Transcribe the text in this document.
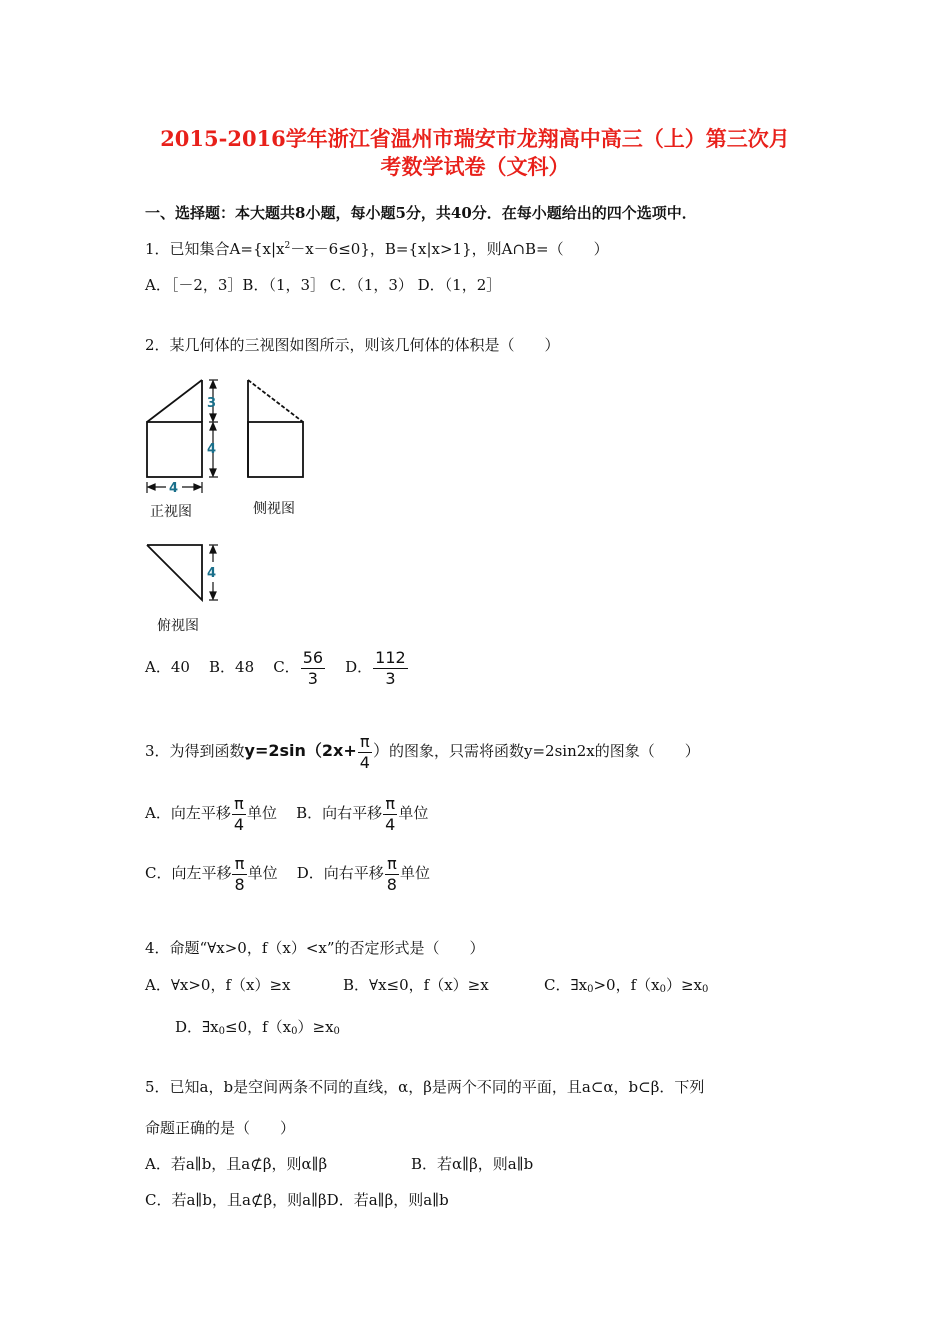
2015-2016学年浙江省温州市瑞安市龙翔高中高三（上）第三次月
考数学试卷（文科）
一、选择题：本大题共8小题，每小题5分，共40分．在每小题给出的四个选项中．
1．已知集合$A=\{x|x^2-x-6\le 0\}$，B={x|x>1}，则A∩B=（　　）
A．［－2，3］B．（1，3］ C．（1，3） D．（1，2］
2．某几何体的三视图如图所示，则该几何体的体积是（　　）
3
4
4
4
正视图	侧视图
俯视图
A．40 B．48 C． $\frac{56}{3}$ D． $\frac{112}{3}$
3．为得到函数$y=2\sin(2x+ \frac{\pi}{4}$ ）的图象，只需将函数y=2sin2x的图象（　　）
A．向左平移 $\frac{\pi}{4}$ 单位 B．向右平移 $\frac{\pi}{4}$ 单位
C．向左平移 $\frac{\pi}{8}$ 单位 D．向右平移 $\frac{\pi}{8}$ 单位
4．命题“∀x>0，f（x）<x”的否定形式是（　　）
A．∀x>0，f（x）≥x	B．∀x≤0，f（x）≥x	C．$\exists x_0>0$，$f(x_0)\ge x_0$
D．$\exists x_0\le 0$，$f(x_0)\ge x_0$
5．已知a，b是空间两条不同的直线，α，β是两个不同的平面，且a⊂α，b⊂β．下列
命题正确的是（　　）
A．若a∥b，且a⊄β，则α∥β	B．若α∥β，则a∥b
C．若a∥b，且a⊄β，则a∥βD．若a∥β，则a∥b
